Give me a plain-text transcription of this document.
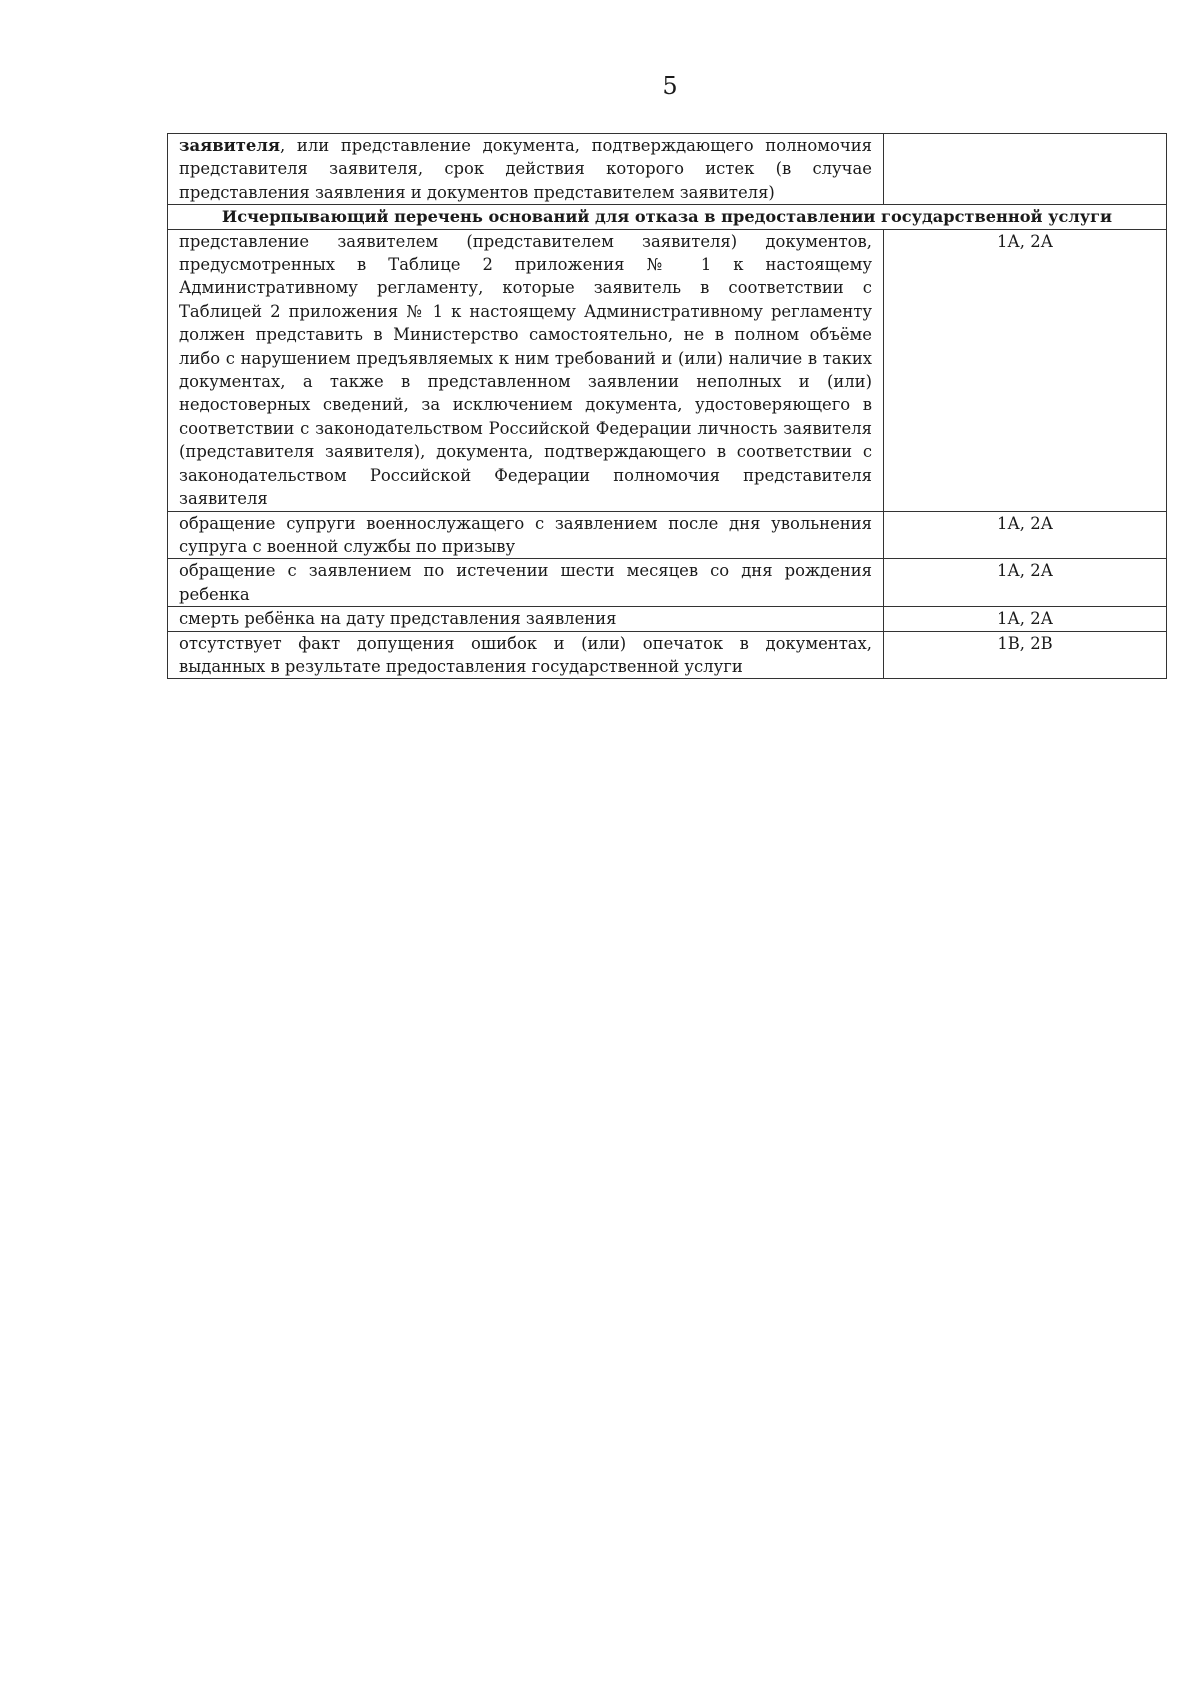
5
заявителя, или представление документа, подтверждающего полномочия представителя заявителя, срок действия которого истек (в случае представления заявления и документов представителем заявителя)	
Исчерпывающий перечень оснований для отказа в предоставлении государственной услуги	
представление заявителем (представителем заявителя) документов, предусмотренных в Таблице 2 приложения № 1 к настоящему Административному регламенту, которые заявитель в соответствии с Таблицей 2 приложения № 1 к настоящему Административному регламенту должен представить в Министерство самостоятельно, не в полном объёме либо с нарушением предъявляемых к ним требований и (или) наличие в таких документах, а также в представленном заявлении неполных и (или) недостоверных сведений, за исключением документа, удостоверяющего в соответствии с законодательством Российской Федерации личность заявителя (представителя заявителя), документа, подтверждающего в соответствии с законодательством Российской Федерации полномочия представителя заявителя	1А, 2А
обращение супруги военнослужащего с заявлением после дня увольнения супруга с военной службы по призыву	1А, 2А
обращение с заявлением по истечении шести месяцев со дня рождения ребенка	1А, 2А
смерть ребёнка на дату представления заявления	1А, 2А
отсутствует факт допущения ошибок и (или) опечаток в документах, выданных в результате предоставления государственной услуги	1В, 2В
